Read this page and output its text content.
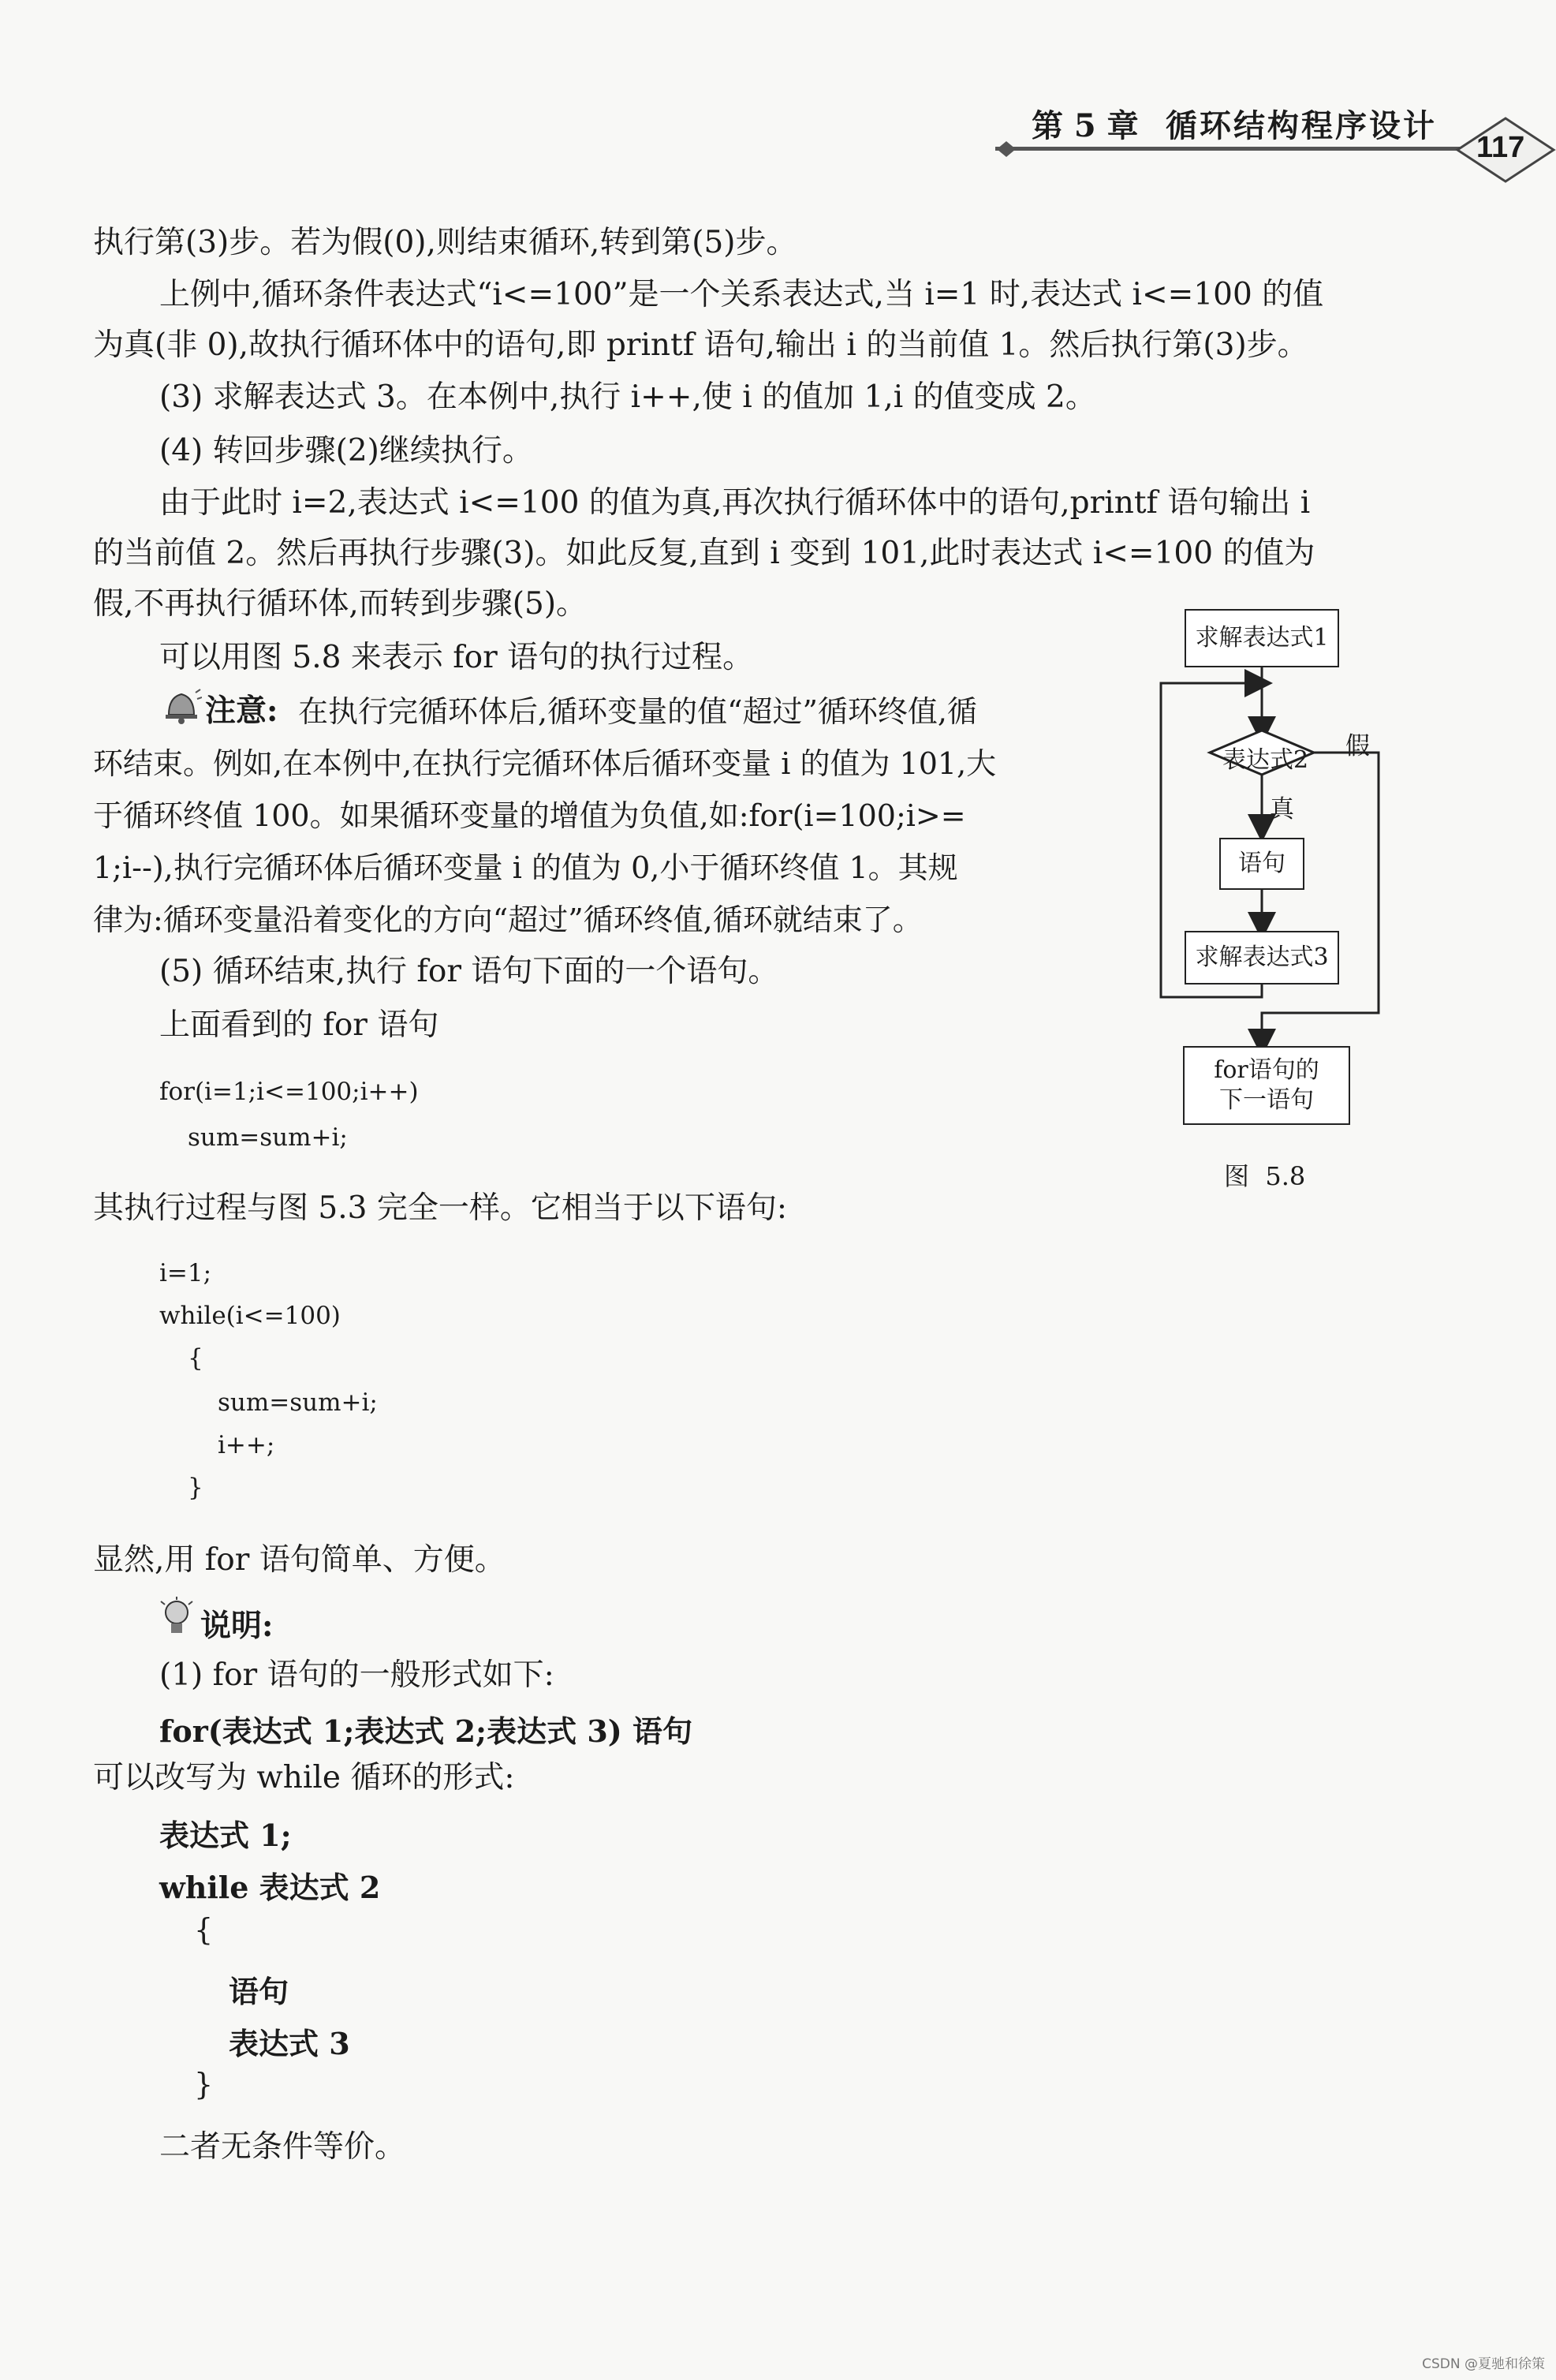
第 5 章 循环结构程序设计
117

执行第(3)步。若为假(0),则结束循环,转到第(5)步。

上例中,循环条件表达式“i<=100”是一个关系表达式,当 i=1 时,表达式 i<=100 的值

为真(非 0),故执行循环体中的语句,即 printf 语句,输出 i 的当前值 1。然后执行第(3)步。

(3) 求解表达式 3。在本例中,执行 i++,使 i 的值加 1,i 的值变成 2。

(4) 转回步骤(2)继续执行。

由于此时 i=2,表达式 i<=100 的值为真,再次执行循环体中的语句,printf 语句输出 i

的当前值 2。然后再执行步骤(3)。如此反复,直到 i 变到 101,此时表达式 i<=100 的值为

假,不再执行循环体,而转到步骤(5)。

可以用图 5.8 来表示 for 语句的执行过程。

注意: 在执行完循环体后,循环变量的值“超过”循环终值,循

环结束。例如,在本例中,在执行完循环体后循环变量 i 的值为 101,大

于循环终值 100。如果循环变量的增值为负值,如:for(i=100;i>=

1;i--),执行完循环体后循环变量 i 的值为 0,小于循环终值 1。其规

律为:循环变量沿着变化的方向“超过”循环终值,循环就结束了。

(5) 循环结束,执行 for 语句下面的一个语句。

上面看到的 for 语句

for(i=1;i<=100;i++)
sum=sum+i;

其执行过程与图 5.3 完全一样。它相当于以下语句:

i=1;
while(i<=100)
{
sum=sum+i;
i++;
}

显然,用 for 语句简单、方便。

说明:

(1) for 语句的一般形式如下:

for(表达式 1;表达式 2;表达式 3) 语句

可以改写为 while 循环的形式:

表达式 1;
while 表达式 2
{
语句
表达式 3
}

二者无条件等价。

求解表达式1
表达式2 假
真
语句
求解表达式3
for语句的
下一语句
图  5.8
CSDN @夏驰和徐策
